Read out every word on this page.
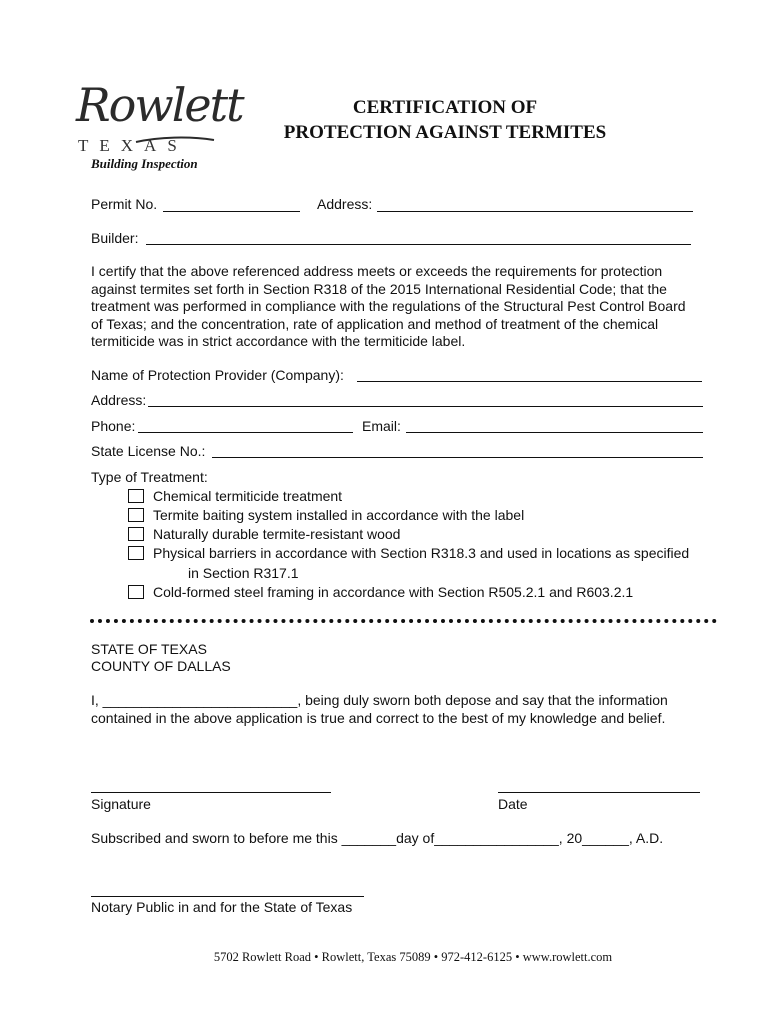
Rowlett
TEXAS
Building Inspection
CERTIFICATION OF
PROTECTION AGAINST TERMITES
Permit No.	Address:
Builder:
I certify that the above referenced address meets or exceeds the requirements for protection
against termites set forth in Section R318 of the 2015 International Residential Code; that the
treatment was performed in compliance with the regulations of the Structural Pest Control Board
of Texas; and the concentration, rate of application and method of treatment of the chemical
termiticide was in strict accordance with the termiticide label.
Name of Protection Provider (Company):
Address:
Phone:	Email:
State License No.:
Type of Treatment:
Chemical termiticide treatment
Termite baiting system installed in accordance with the label
Naturally durable termite-resistant wood
Physical barriers in accordance with Section R318.3 and used in locations as specified
in Section R317.1
Cold-formed steel framing in accordance with Section R505.2.1 and R603.2.1
STATE OF TEXAS
COUNTY OF DALLAS
I, _________________________, being duly sworn both depose and say that the information
contained in the above application is true and correct to the best of my knowledge and belief.
Signature	Date
Subscribed and sworn to before me this _______day of________________, 20______, A.D.
Notary Public in and for the State of Texas
5702 Rowlett Road • Rowlett, Texas 75089 • 972-412-6125 • www.rowlett.com
